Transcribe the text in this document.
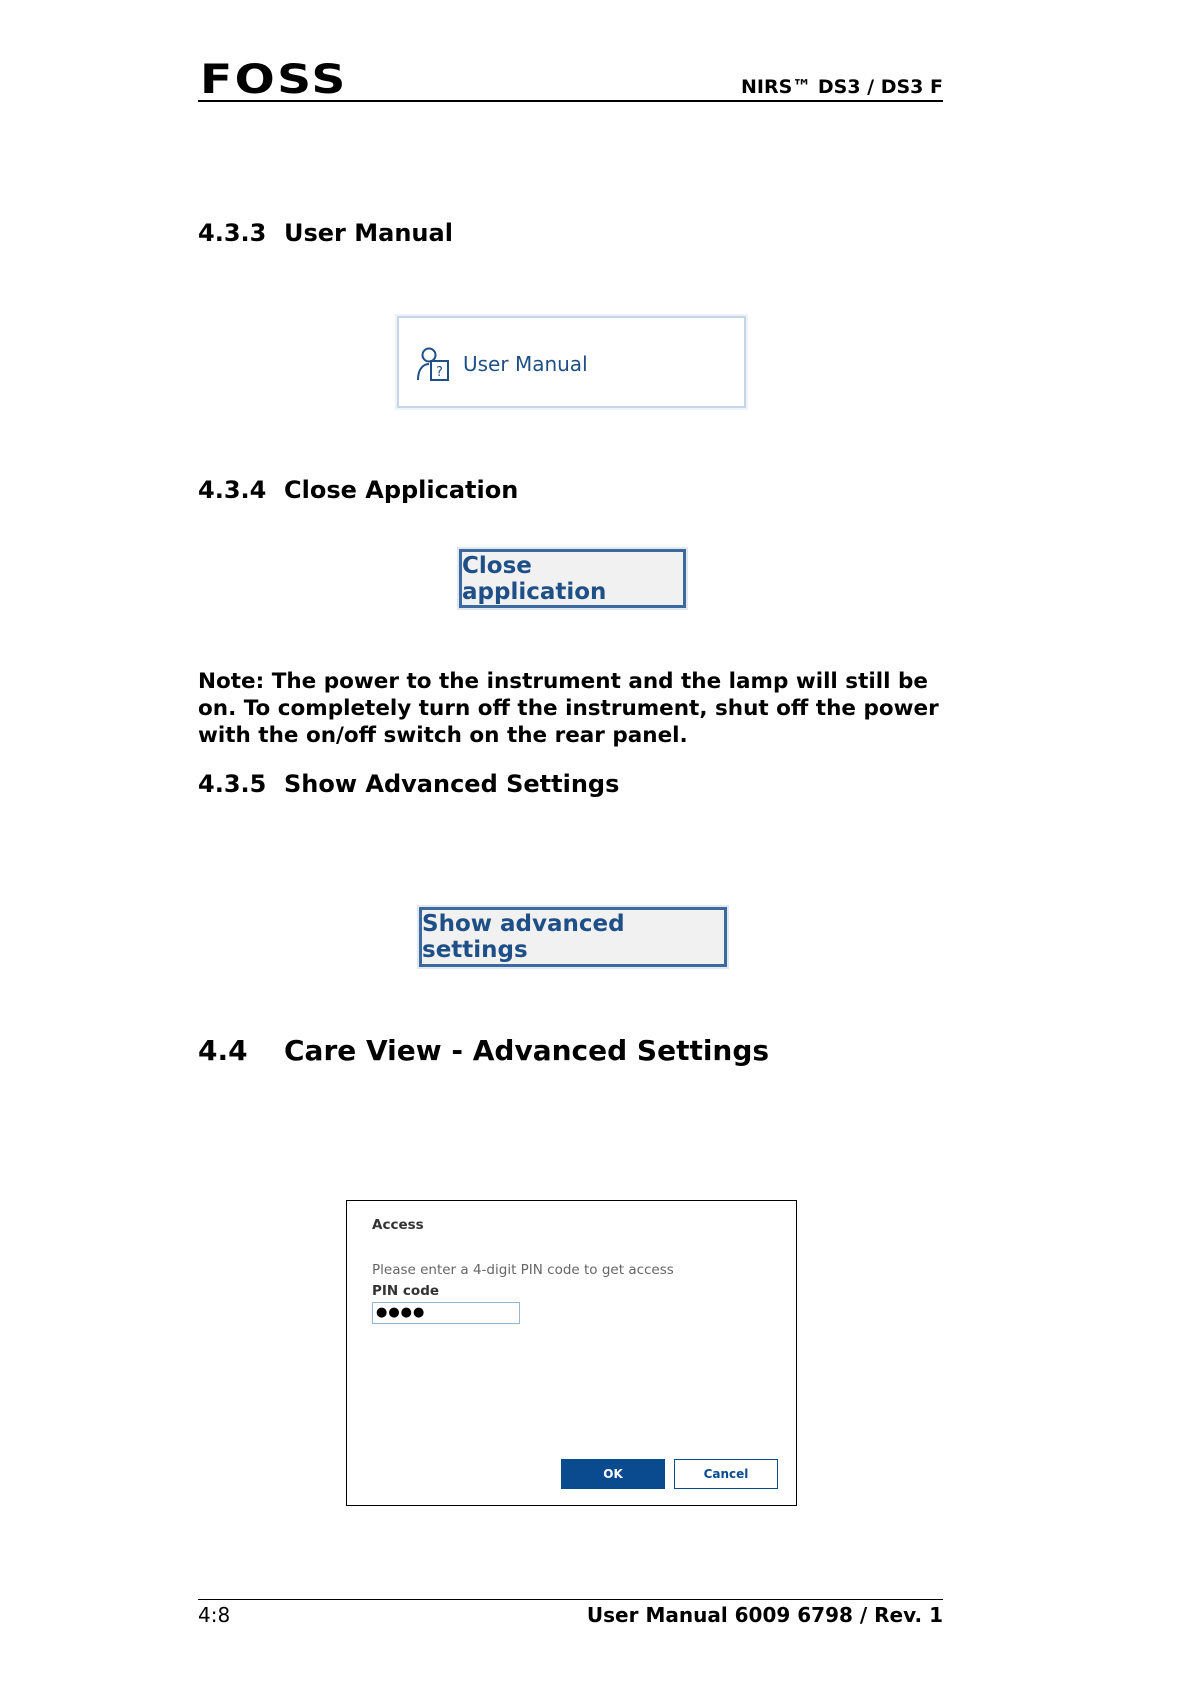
FOSS	NIRS™ DS3 / DS3 F
4.3.3 User Manual
? User Manual
4.3.4 Close Application
Close application
Note: The power to the instrument and the lamp will still be on. To completely turn off the instrument, shut off the power with the on/off switch on the rear panel.
4.3.5 Show Advanced Settings
Show advanced settings
4.4 Care View - Advanced Settings
Access
Please enter a 4-digit PIN code to get access
PIN code
●●●●
OK	Cancel
4:8	User Manual 6009 6798 / Rev. 1
